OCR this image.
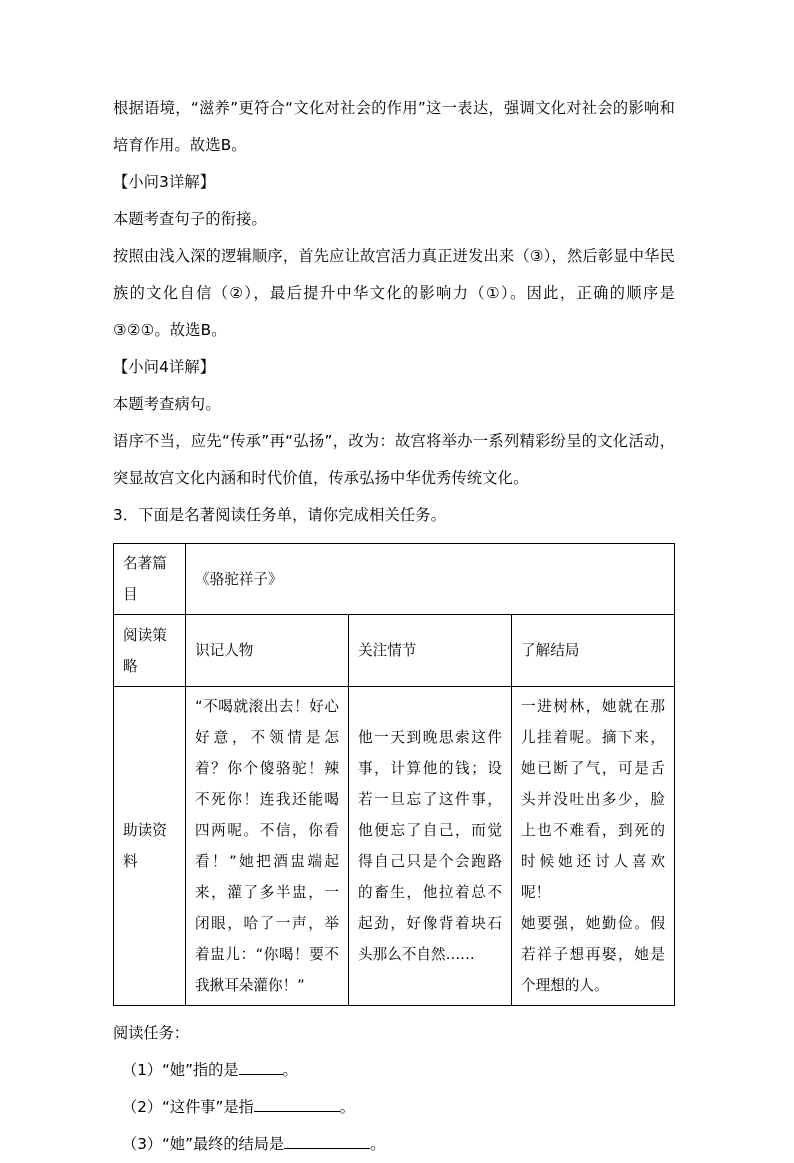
根据语境，“滋养”更符合“文化对社会的作用”这一表达，强调文化对社会的影响和培育作用。故选B。

【小问3详解】

本题考查句子的衔接。

按照由浅入深的逻辑顺序，首先应让故宫活力真正迸发出来（③），然后彰显中华民族的文化自信（②），最后提升中华文化的影响力（①）。因此，正确的顺序是③②①。故选B。

【小问4详解】

本题考查病句。

语序不当，应先“传承”再“弘扬”，改为：故宫将举办一系列精彩纷呈的文化活动，突显故宫文化内涵和时代价值，传承弘扬中华优秀传统文化。

3．下面是名著阅读任务单，请你完成相关任务。

名著篇目	《骆驼祥子》		
阅读策略	识记人物	关注情节	了解结局
助读资料	“不喝就滚出去！好心好意，不领情是怎着？你个傻骆驼！辣不死你！连我还能喝四两呢。不信，你看看！”她把酒盅端起来，灌了多半盅，一闭眼，哈了一声，举着盅儿：“你喝！要不我揪耳朵灌你！”	他一天到晚思索这件事，计算他的钱；设若一旦忘了这件事，他便忘了自己，而觉得自己只是个会跑路的畜生，他拉着总不起劲，好像背着块石头那么不自然……	一进树林，她就在那儿挂着呢。摘下来，她已断了气，可是舌头并没吐出多少，脸上也不难看，到死的时候她还讨人喜欢呢！

她要强，她勤俭。假若祥子想再娶，她是个理想的人。

阅读任务：

（1）“她”指的是	。

（2）“这件事”是指	。

（3）“她”最终的结局是	。
